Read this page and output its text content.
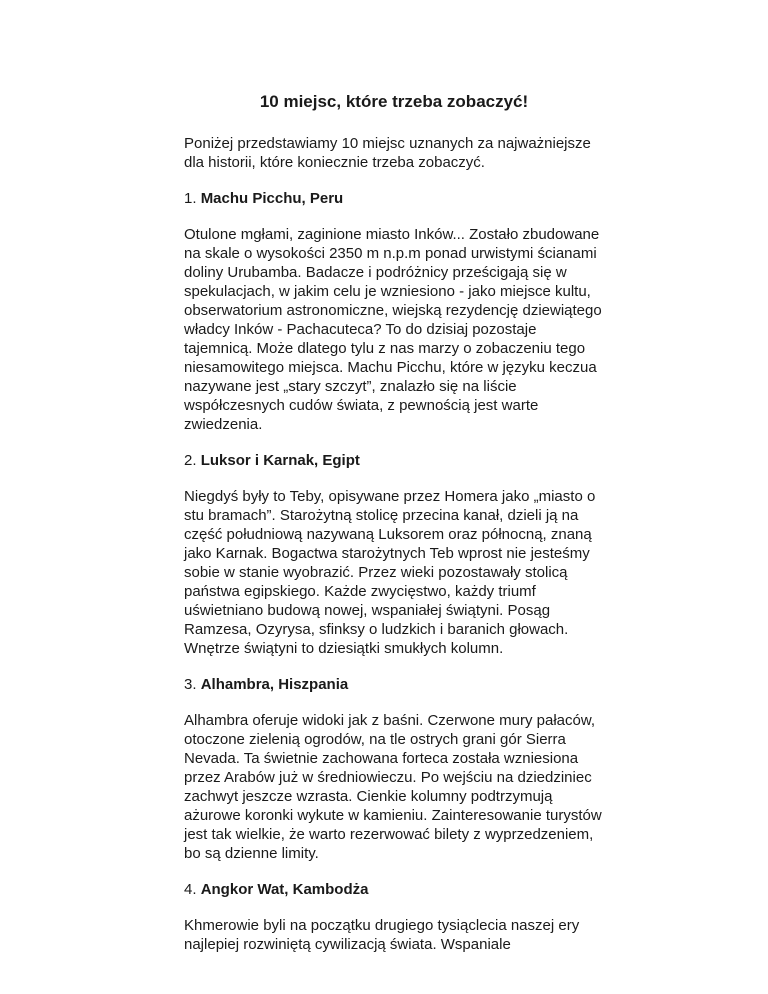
10 miejsc, które trzeba zobaczyć!

Poniżej przedstawiamy 10 miejsc uznanych za najważniejsze dla historii, które koniecznie trzeba zobaczyć.

1. Machu Picchu, Peru

Otulone mgłami, zaginione miasto Inków... Zostało zbudowane na skale o wysokości 2350 m n.p.m ponad urwistymi ścianami doliny Urubamba. Badacze i podróżnicy prześcigają się w spekulacjach, w jakim celu je wzniesiono - jako miejsce kultu, obserwatorium astronomiczne, wiejską rezydencję dziewiątego władcy Inków - Pachacuteca? To do dzisiaj pozostaje tajemnicą. Może dlatego tylu z nas marzy o zobaczeniu tego niesamowitego miejsca. Machu Picchu, które w języku keczua nazywane jest „stary szczyt”, znalazło się na liście współczesnych cudów świata, z pewnością jest warte zwiedzenia.

2. Luksor i Karnak, Egipt

Niegdyś były to Teby, opisywane przez Homera jako „miasto o stu bramach”. Starożytną stolicę przecina kanał, dzieli ją na część południową nazywaną Luksorem oraz północną, znaną jako Karnak. Bogactwa starożytnych Teb wprost nie jesteśmy sobie w stanie wyobrazić. Przez wieki pozostawały stolicą państwa egipskiego. Każde zwycięstwo, każdy triumf uświetniano budową nowej, wspaniałej świątyni. Posąg Ramzesa, Ozyrysa, sfinksy o ludzkich i baranich głowach. Wnętrze świątyni to dziesiątki smukłych kolumn.

3. Alhambra, Hiszpania

Alhambra oferuje widoki jak z baśni. Czerwone mury pałaców, otoczone zielenią ogrodów, na tle ostrych grani gór Sierra Nevada. Ta świetnie zachowana forteca została wzniesiona przez Arabów już w średniowieczu. Po wejściu na dziedziniec zachwyt jeszcze wzrasta. Cienkie kolumny podtrzymują ażurowe koronki wykute w kamieniu. Zainteresowanie turystów jest tak wielkie, że warto rezerwować bilety z wyprzedzeniem, bo są dzienne limity.

4. Angkor Wat, Kambodża

Khmerowie byli na początku drugiego tysiąclecia naszej ery najlepiej rozwiniętą cywilizacją świata. Wspaniale
